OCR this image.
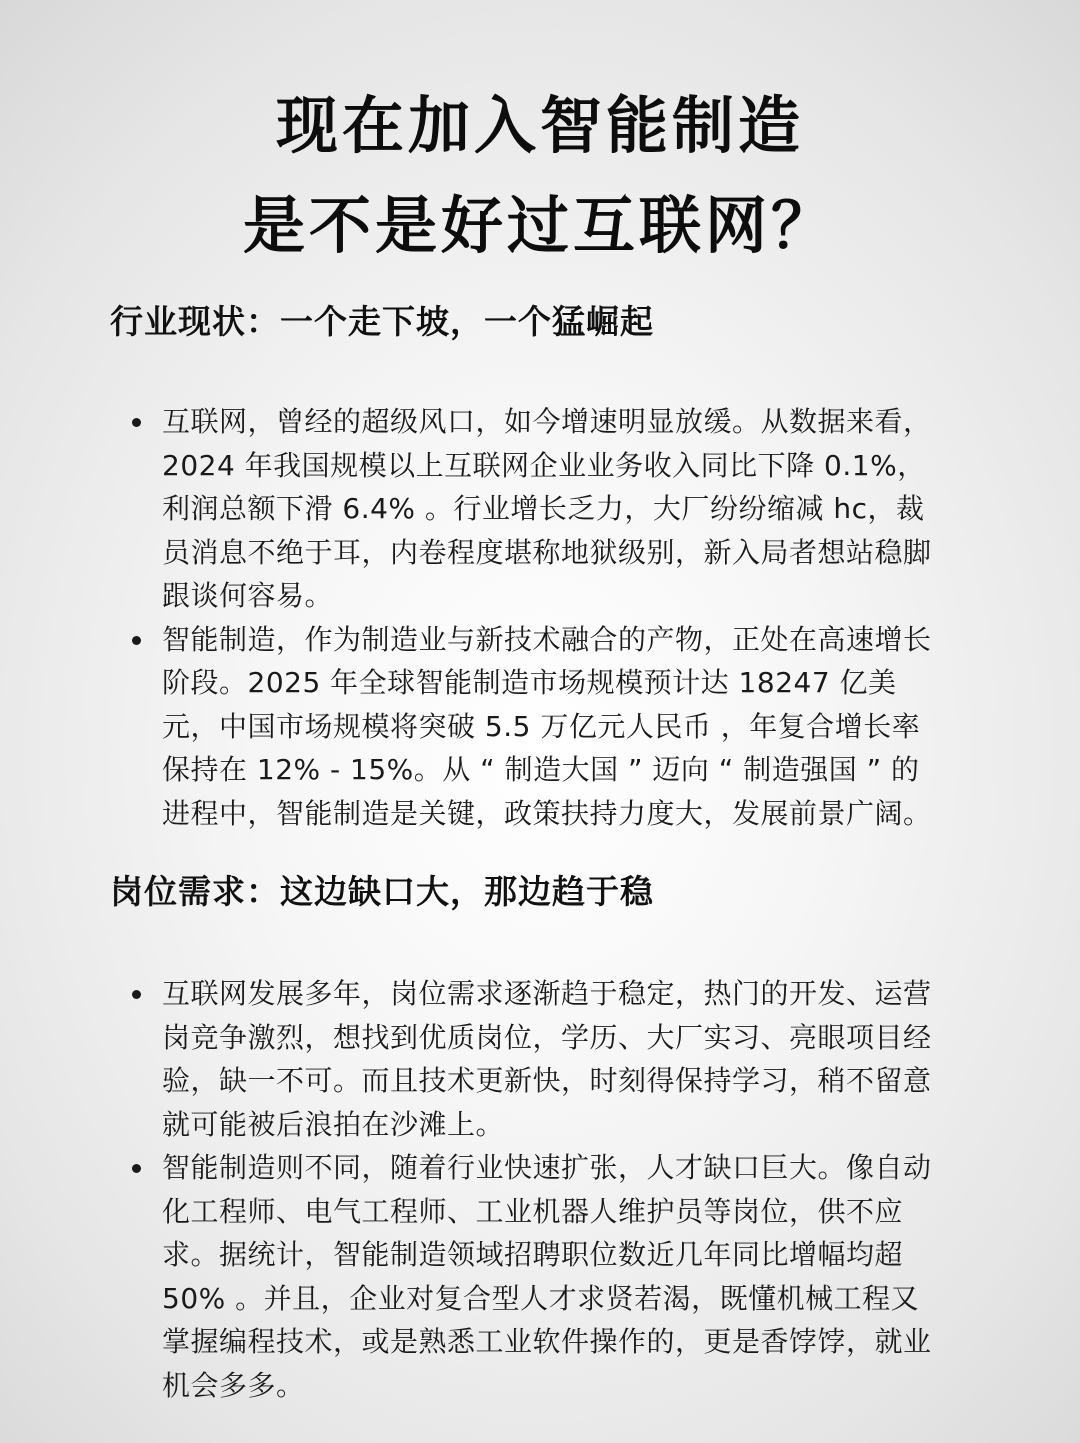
现在加入智能制造
是不是好过互联网？
行业现状：一个走下坡，一个猛崛起
互联网，曾经的超级风口，如今增速明显放缓。从数据来看，
2024 年我国规模以上互联网企业业务收入同比下降 0.1%，
利润总额下滑 6.4% 。行业增长乏力，大厂纷纷缩减 hc，裁
员消息不绝于耳，内卷程度堪称地狱级别，新入局者想站稳脚
跟谈何容易。
智能制造，作为制造业与新技术融合的产物，正处在高速增长
阶段。2025 年全球智能制造市场规模预计达 18247 亿美
元，中国市场规模将突破 5.5 万亿元人民币 ，年复合增长率
保持在 12% - 15%。从 “ 制造大国 ” 迈向 “ 制造强国 ” 的
进程中，智能制造是关键，政策扶持力度大，发展前景广阔。
岗位需求：这边缺口大，那边趋于稳
互联网发展多年，岗位需求逐渐趋于稳定，热门的开发、运营
岗竞争激烈，想找到优质岗位，学历、大厂实习、亮眼项目经
验，缺一不可。而且技术更新快，时刻得保持学习，稍不留意
就可能被后浪拍在沙滩上。
智能制造则不同，随着行业快速扩张，人才缺口巨大。像自动
化工程师、电气工程师、工业机器人维护员等岗位，供不应
求。据统计，智能制造领域招聘职位数近几年同比增幅均超
50% 。并且，企业对复合型人才求贤若渴，既懂机械工程又
掌握编程技术，或是熟悉工业软件操作的，更是香饽饽，就业
机会多多。
